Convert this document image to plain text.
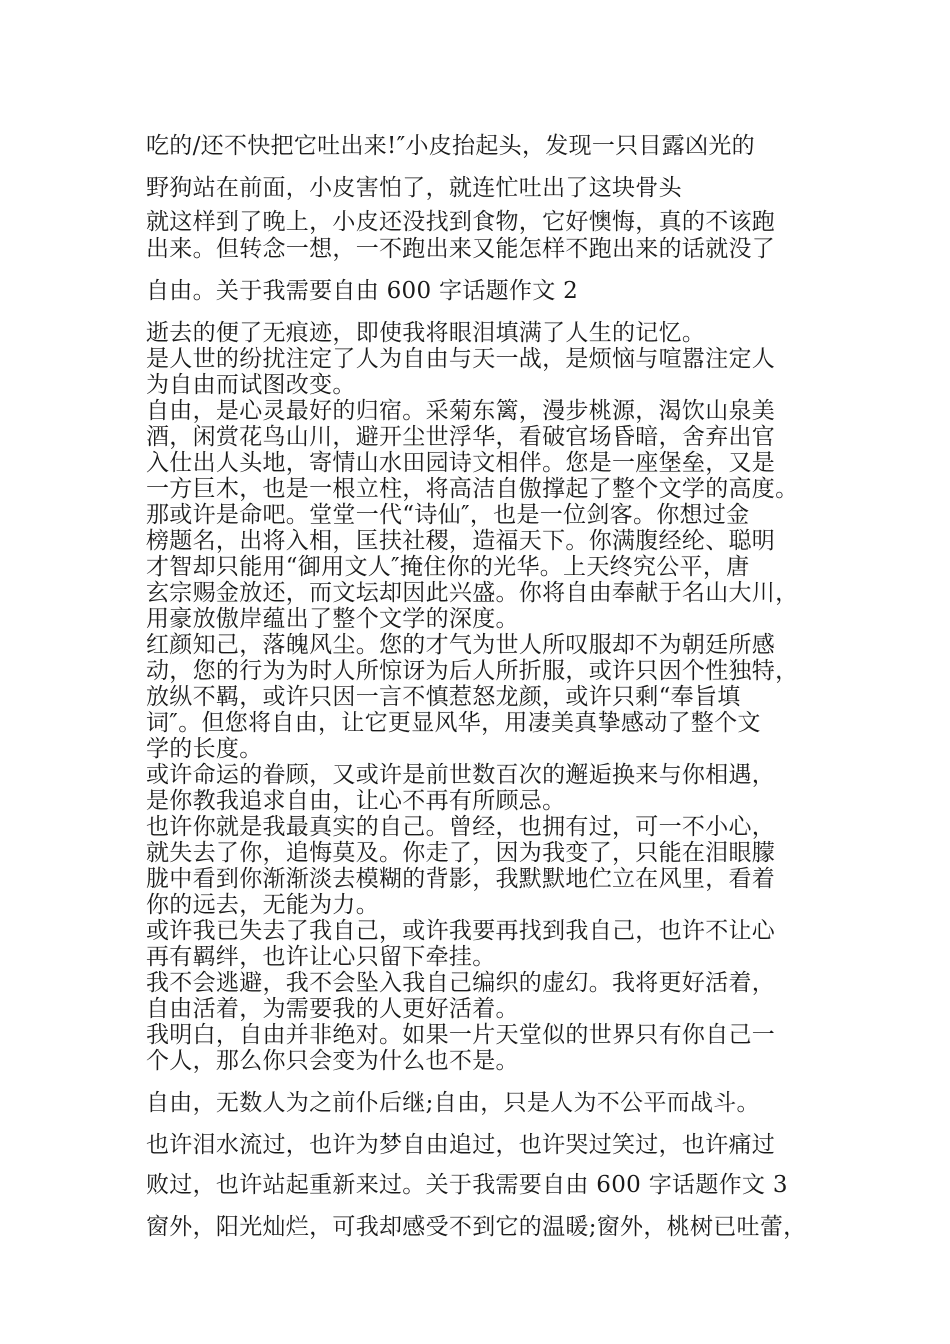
吃的/还不快把它吐出来!″小皮抬起头，发现一只目露凶光的
野狗站在前面，小皮害怕了，就连忙吐出了这块骨头
就这样到了晚上，小皮还没找到食物，它好懊悔，真的不该跑
出来。但转念一想，一不跑出来又能怎样不跑出来的话就没了
自由。关于我需要自由 600 字话题作文 2
逝去的便了无痕迹，即使我将眼泪填满了人生的记忆。
是人世的纷扰注定了人为自由与天一战，是烦恼与喧嚣注定人
为自由而试图改变。
自由，是心灵最好的归宿。采菊东篱，漫步桃源，渴饮山泉美
酒，闲赏花鸟山川，避开尘世浮华，看破官场昏暗，舍弃出官
入仕出人头地，寄情山水田园诗文相伴。您是一座堡垒，又是
一方巨木，也是一根立柱，将高洁自傲撑起了整个文学的高度。
那或许是命吧。堂堂一代“诗仙″，也是一位剑客。你想过金
榜题名，出将入相，匡扶社稷，造福天下。你满腹经纶、聪明
才智却只能用“御用文人″掩住你的光华。上天终究公平，唐
玄宗赐金放还，而文坛却因此兴盛。你将自由奉献于名山大川，
用豪放傲岸蕴出了整个文学的深度。
红颜知己，落魄风尘。您的才气为世人所叹服却不为朝廷所感
动，您的行为为时人所惊讶为后人所折服，或许只因个性独特，
放纵不羁，或许只因一言不慎惹怒龙颜，或许只剩“奉旨填
词″。但您将自由，让它更显风华，用凄美真挚感动了整个文
学的长度。
或许命运的眷顾，又或许是前世数百次的邂逅换来与你相遇，
是你教我追求自由，让心不再有所顾忌。
也许你就是我最真实的自己。曾经，也拥有过，可一不小心，
就失去了你，追悔莫及。你走了，因为我变了，只能在泪眼朦
胧中看到你渐渐淡去模糊的背影，我默默地伫立在风里，看着
你的远去，无能为力。
或许我已失去了我自己，或许我要再找到我自己，也许不让心
再有羁绊，也许让心只留下牵挂。
我不会逃避，我不会坠入我自己编织的虚幻。我将更好活着，
自由活着，为需要我的人更好活着。
我明白，自由并非绝对。如果一片天堂似的世界只有你自己一
个人，那么你只会变为什么也不是。
自由，无数人为之前仆后继;自由，只是人为不公平而战斗。
也许泪水流过，也许为梦自由追过，也许哭过笑过，也许痛过
败过，也许站起重新来过。关于我需要自由 600 字话题作文 3
窗外，阳光灿烂，可我却感受不到它的温暖;窗外，桃树已吐蕾，
